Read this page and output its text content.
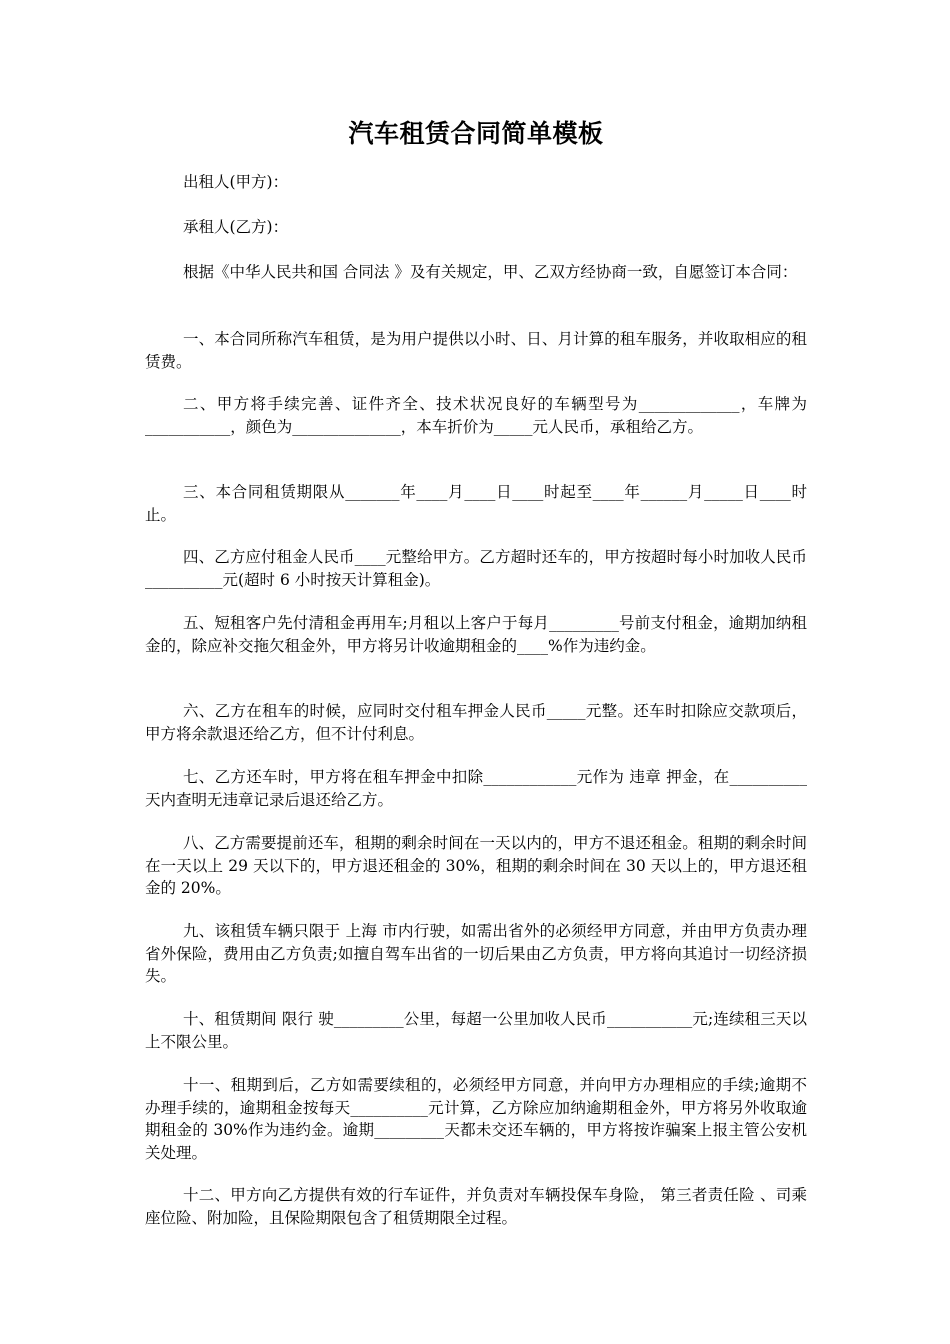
汽车租赁合同简单模板
出租人(甲方)：
承租人(乙方)：
根据《中华人民共和国 合同法 》及有关规定，甲、乙双方经协商一致，自愿签订本合同：
一、本合同所称汽车租赁，是为用户提供以小时、日、月计算的租车服务，并收取相应的租赁费。
二、甲方将手续完善、证件齐全、技术状况良好的车辆型号为_____________，车牌为___________，颜色为______________，本车折价为_____元人民币，承租给乙方。
三、本合同租赁期限从_______年____月____日____时起至____年______月_____日____时止。
四、乙方应付租金人民币____元整给甲方。乙方超时还车的，甲方按超时每小时加收人民币__________元(超时 6 小时按天计算租金)。
五、短租客户先付清租金再用车;月租以上客户于每月_________号前支付租金，逾期加纳租金的，除应补交拖欠租金外，甲方将另计收逾期租金的____%作为违约金。
六、乙方在租车的时候，应同时交付租车押金人民币_____元整。还车时扣除应交款项后，甲方将余款退还给乙方，但不计付利息。
七、乙方还车时，甲方将在租车押金中扣除____________元作为 违章 押金，在__________天内查明无违章记录后退还给乙方。
八、乙方需要提前还车，租期的剩余时间在一天以内的，甲方不退还租金。租期的剩余时间在一天以上 29 天以下的，甲方退还租金的 30%，租期的剩余时间在 30 天以上的，甲方退还租金的 20%。
九、该租赁车辆只限于 上海 市内行驶，如需出省外的必须经甲方同意，并由甲方负责办理省外保险，费用由乙方负责;如擅自驾车出省的一切后果由乙方负责，甲方将向其追讨一切经济损失。
十、租赁期间 限行 驶_________公里，每超一公里加收人民币___________元;连续租三天以上不限公里。
十一、租期到后，乙方如需要续租的，必须经甲方同意，并向甲方办理相应的手续;逾期不办理手续的，逾期租金按每天__________元计算，乙方除应加纳逾期租金外，甲方将另外收取逾期租金的 30%作为违约金。逾期_________天都未交还车辆的，甲方将按诈骗案上报主管公安机关处理。
十二、甲方向乙方提供有效的行车证件，并负责对车辆投保车身险， 第三者责任险 、司乘座位险、附加险，且保险期限包含了租赁期限全过程。
